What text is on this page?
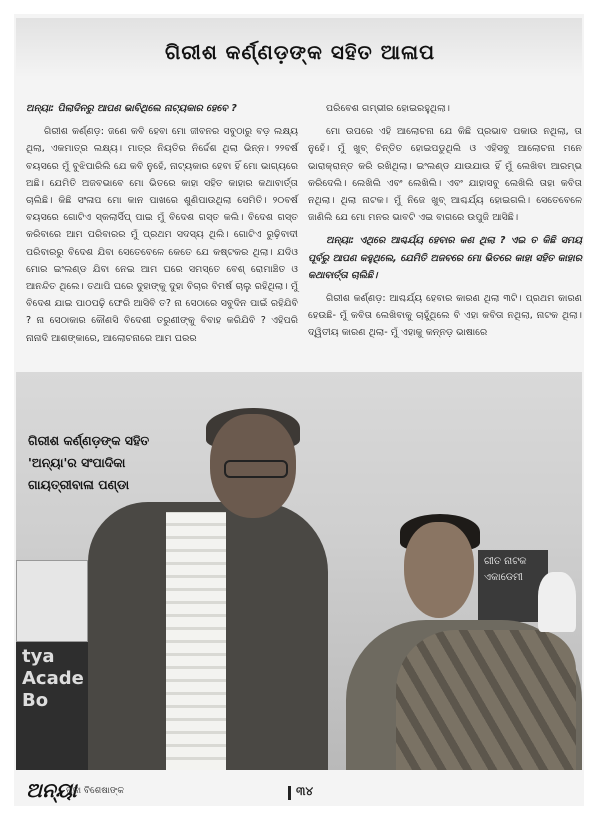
ଗିରୀଶ କର୍ଣ୍ଣଡ଼ଙ୍କ ସହିତ ଆଳାପ

ଅନ୍ୟା: ପିଲାଦିନରୁ ଆପଣ ଭାବିଥିଲେ ନାଟ୍ୟକାର ହେବେ ?

ଗିରୀଶ କର୍ଣ୍ଣଡ଼: ଜଣେ କବି ହେବା ମୋ ଜୀବନର ସବୁଠାରୁ ବଡ଼ ଲକ୍ଷ୍ୟ ଥିଲା, ଏକମାତ୍ର ଲକ୍ଷ୍ୟ। ମାତ୍ର ନିୟତିର ନିର୍ଦ୍ଦେଶ ଥିଲା ଭିନ୍ନ। ୨୨ବର୍ଷ ବୟସରେ ମୁଁ ବୁଝିପାରିଲି ଯେ କବି ନୁହେଁ, ନାଟ୍ୟକାର ହେବା ହିଁ ମୋ ଭାଗ୍ୟରେ ଅଛି। ଯେମିତି ଅଜବଭାବେ ମୋ ଭିତରେ କାହା ସହିତ କାହାର କଥାବାର୍ତ୍ତା ଚାଲିଛି। କିଛି ସଂଳାପ ମୋ କାନ ପାଖରେ ଶୁଣିପାଉଥିଲା ସେମିତି। ୨୦ବର୍ଷ ବୟସରେ ଗୋଟିଏ ସ୍କଲାର୍ସିପ୍ ପାଇ ମୁଁ ବିଦେଶ ଗସ୍ତ କଲି। ବିଦେଶ ଗସ୍ତ କରିବାରେ ଆମ ପରିବାରର ମୁଁ ପ୍ରଥମ ସଦସ୍ୟ ଥିଲି। ଗୋଟିଏ ରୁଢ଼ିବାଦୀ ପରିବାରରୁ ବିଦେଶ ଯିବା ସେତେବେଳେ କେତେ ଯେ କଷ୍ଟକର ଥିଲା। ଯଦିଓ ମୋର ଇଂଲଣ୍ଡ ଯିବା ନେଇ ଆମ ଘରେ ସମସ୍ତେ ବେଶ୍ ରୋମାଞ୍ଚିତ ଓ ଆନନ୍ଦିତ ଥିଲେ। ତଥାପି ଘରେ ଦୁହାଙ୍କୁ ଦୁହା ବିଚାର ବିମର୍ଷ ଚାଲୁ ରହିଥିଲା। ମୁଁ ବିଦେଶ ଯାଇ ପାଠପଢ଼ି ଫେରି ଆସିବି ତ? ନା ସେଠାରେ ସବୁଦିନ ପାଇଁ ରହିଯିବି ? ନା ସେଠାକାର କୌଣସି ବିଦେଶୀ ତରୁଣୀଙ୍କୁ ବିବାହ କରିଯିବି ? ଏହିପରି ନାନାଦି ଆଶଙ୍କାରେ, ଆଲୋଚନାରେ ଆମ ଘରର

ପରିବେଶ ଗମ୍ଭୀର ହୋଇରହୁଥିଲା।

ମୋ ଉପରେ ଏହି ଆଲୋଚନା ଯେ କିଛି ପ୍ରଭାବ ପକାଉ ନଥିଲା, ତା ନୁହେଁ। ମୁଁ ଖୁବ୍ ଚିନ୍ତିତ ହୋଇପଡୁଥିଲି ଓ ଏହିସବୁ ଆଲୋଚନା ମନେ ଭାରାକ୍ରାନ୍ତ କରି ରଖିଥିଲା। ଇଂଲଣ୍ଡ ଯାଉଯାଉ ହିଁ ମୁଁ ଲେଖିବା ଆରମ୍ଭ କରିଦେଲି। ଲେଖିଲି ଏବଂ ଲେଖିଲି। ଏବଂ ଯାହାସବୁ ଲେଖିଲି ତାହା କବିତା ନଥିଲା। ଥିଲା ନାଟକ। ମୁଁ ନିଜେ ଖୁବ୍ ଆଶ୍ଚର୍ଯ୍ୟ ହୋଇଗଲି। ସେତେବେଳେ ଜାଣିଲି ଯେ ମୋ ମନର ଭାବଟି ଏଇ ବାଗରେ ଉପୁଜି ଆସିଛି।

ଅନ୍ୟା: ଏଥିରେ ଆଶ୍ଚର୍ଯ୍ୟ ହେବାର କଣ ଥିଲା ? ଏଇ ତ କିଛି ସମୟ ପୂର୍ବରୁ ଆପଣ କହୁଥିଲେ, ଯେମିତି ଅଜବରେ ମୋ ଭିତରେ କାହା ସହିତ କାହାର କଥାବାର୍ତ୍ତା ଚାଲିଛି।

ଗିରୀଶ କର୍ଣ୍ଣଡ଼: ଆଶ୍ଚର୍ଯ୍ୟ ହେବାର କାରଣ ଥିଲା ୩ଟି। ପ୍ରଥମ କାରଣ ହେଉଛି- ମୁଁ କବିତା ଲେଖିବାକୁ ଚାହୁଁଥିଲେ ବି ଏହା କବିତା ନଥିଲା, ନାଟକ ଥିଲା। ଦ୍ୱିତୀୟ କାରଣ ଥିଲା- ମୁଁ ଏହାକୁ କନ୍ନଡ଼ ଭାଷାରେ

tya Acade Bo
ଗୀତ ନାଟକ ଏକାଡେମୀ
ଗିରୀଶ କର୍ଣ୍ଣଡ଼ଙ୍କ ସହିତ
'ଅନ୍ୟା'ର ସଂପାଦିକା
ଗାୟତ୍ରୀବାଳା ପଣ୍ଡା
ଅନ୍ୟା
ପୂଜା ବିଶେଷାଙ୍କ	୩୪
